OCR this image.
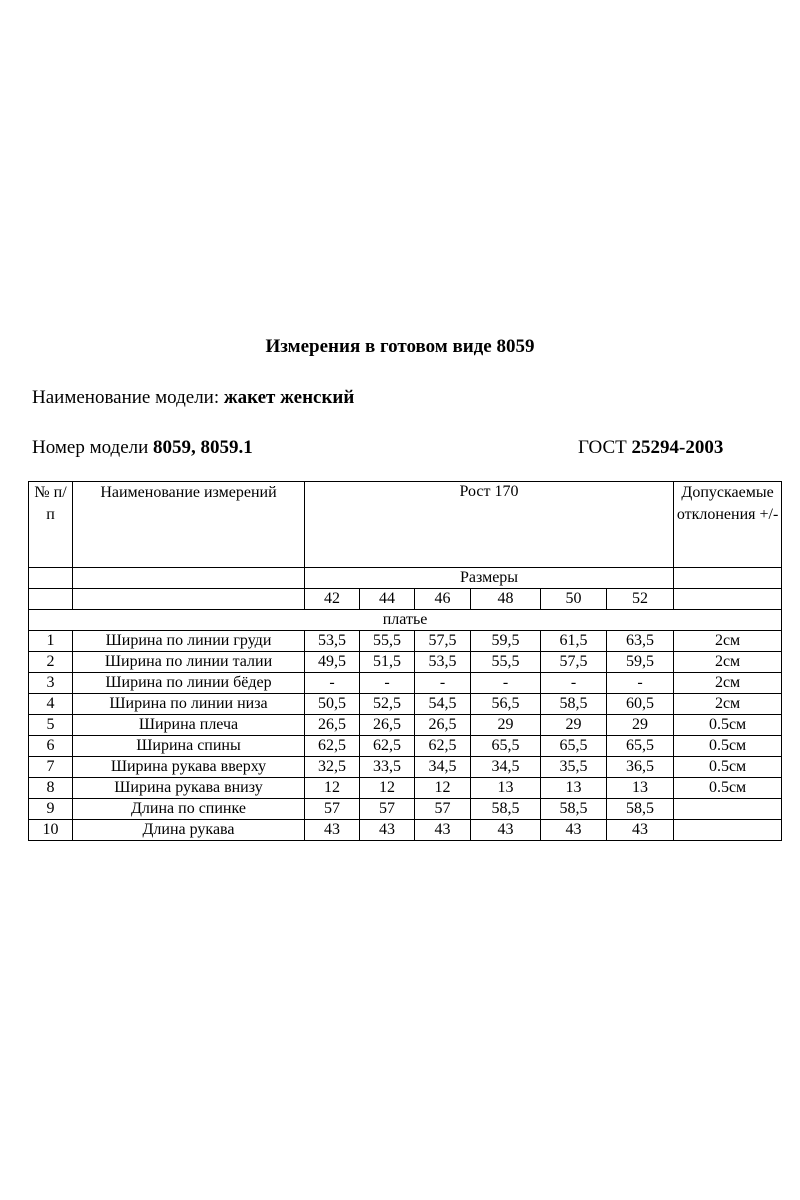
Измерения в готовом виде 8059
Наименование модели: жакет женский
Номер модели 8059, 8059.1	ГОСТ 25294-2003
№ п/п	Наименование измерений	Рост 170						Допускаемые отклонения +/-
		Размеры						
		42	44	46	48	50	52	
платье								
1	Ширина по линии груди	53,5	55,5	57,5	59,5	61,5	63,5	2см
2	Ширина по линии талии	49,5	51,5	53,5	55,5	57,5	59,5	2см
3	Ширина по линии бёдер	-	-	-	-	-	-	2см
4	Ширина по линии низа	50,5	52,5	54,5	56,5	58,5	60,5	2см
5	Ширина плеча	26,5	26,5	26,5	29	29	29	0.5см
6	Ширина спины	62,5	62,5	62,5	65,5	65,5	65,5	0.5см
7	Ширина рукава вверху	32,5	33,5	34,5	34,5	35,5	36,5	0.5см
8	Ширина рукава внизу	12	12	12	13	13	13	0.5см
9	Длина по спинке	57	57	57	58,5	58,5	58,5	
10	Длина рукава	43	43	43	43	43	43	
